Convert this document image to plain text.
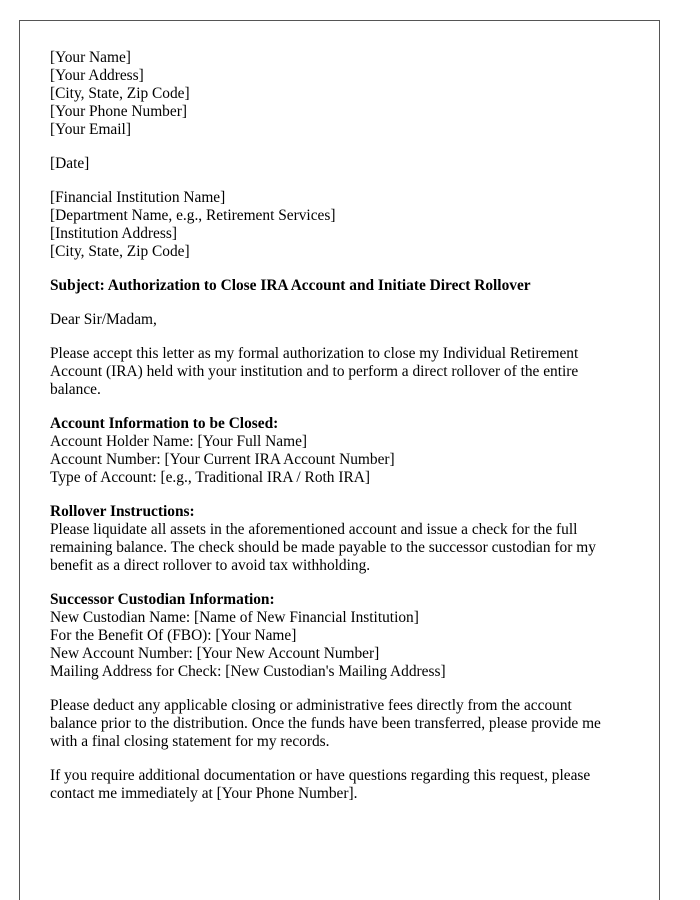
[Your Name]
[Your Address]
[City, State, Zip Code]
[Your Phone Number]
[Your Email]
[Date]
[Financial Institution Name]
[Department Name, e.g., Retirement Services]
[Institution Address]
[City, State, Zip Code]
Subject: Authorization to Close IRA Account and Initiate Direct Rollover
Dear Sir/Madam,
Please accept this letter as my formal authorization to close my Individual Retirement
Account (IRA) held with your institution and to perform a direct rollover of the entire
balance.
Account Information to be Closed:
Account Holder Name: [Your Full Name]
Account Number: [Your Current IRA Account Number]
Type of Account: [e.g., Traditional IRA / Roth IRA]
Rollover Instructions:
Please liquidate all assets in the aforementioned account and issue a check for the full
remaining balance. The check should be made payable to the successor custodian for my
benefit as a direct rollover to avoid tax withholding.
Successor Custodian Information:
New Custodian Name: [Name of New Financial Institution]
For the Benefit Of (FBO): [Your Name]
New Account Number: [Your New Account Number]
Mailing Address for Check: [New Custodian's Mailing Address]
Please deduct any applicable closing or administrative fees directly from the account
balance prior to the distribution. Once the funds have been transferred, please provide me
with a final closing statement for my records.
If you require additional documentation or have questions regarding this request, please
contact me immediately at [Your Phone Number].
